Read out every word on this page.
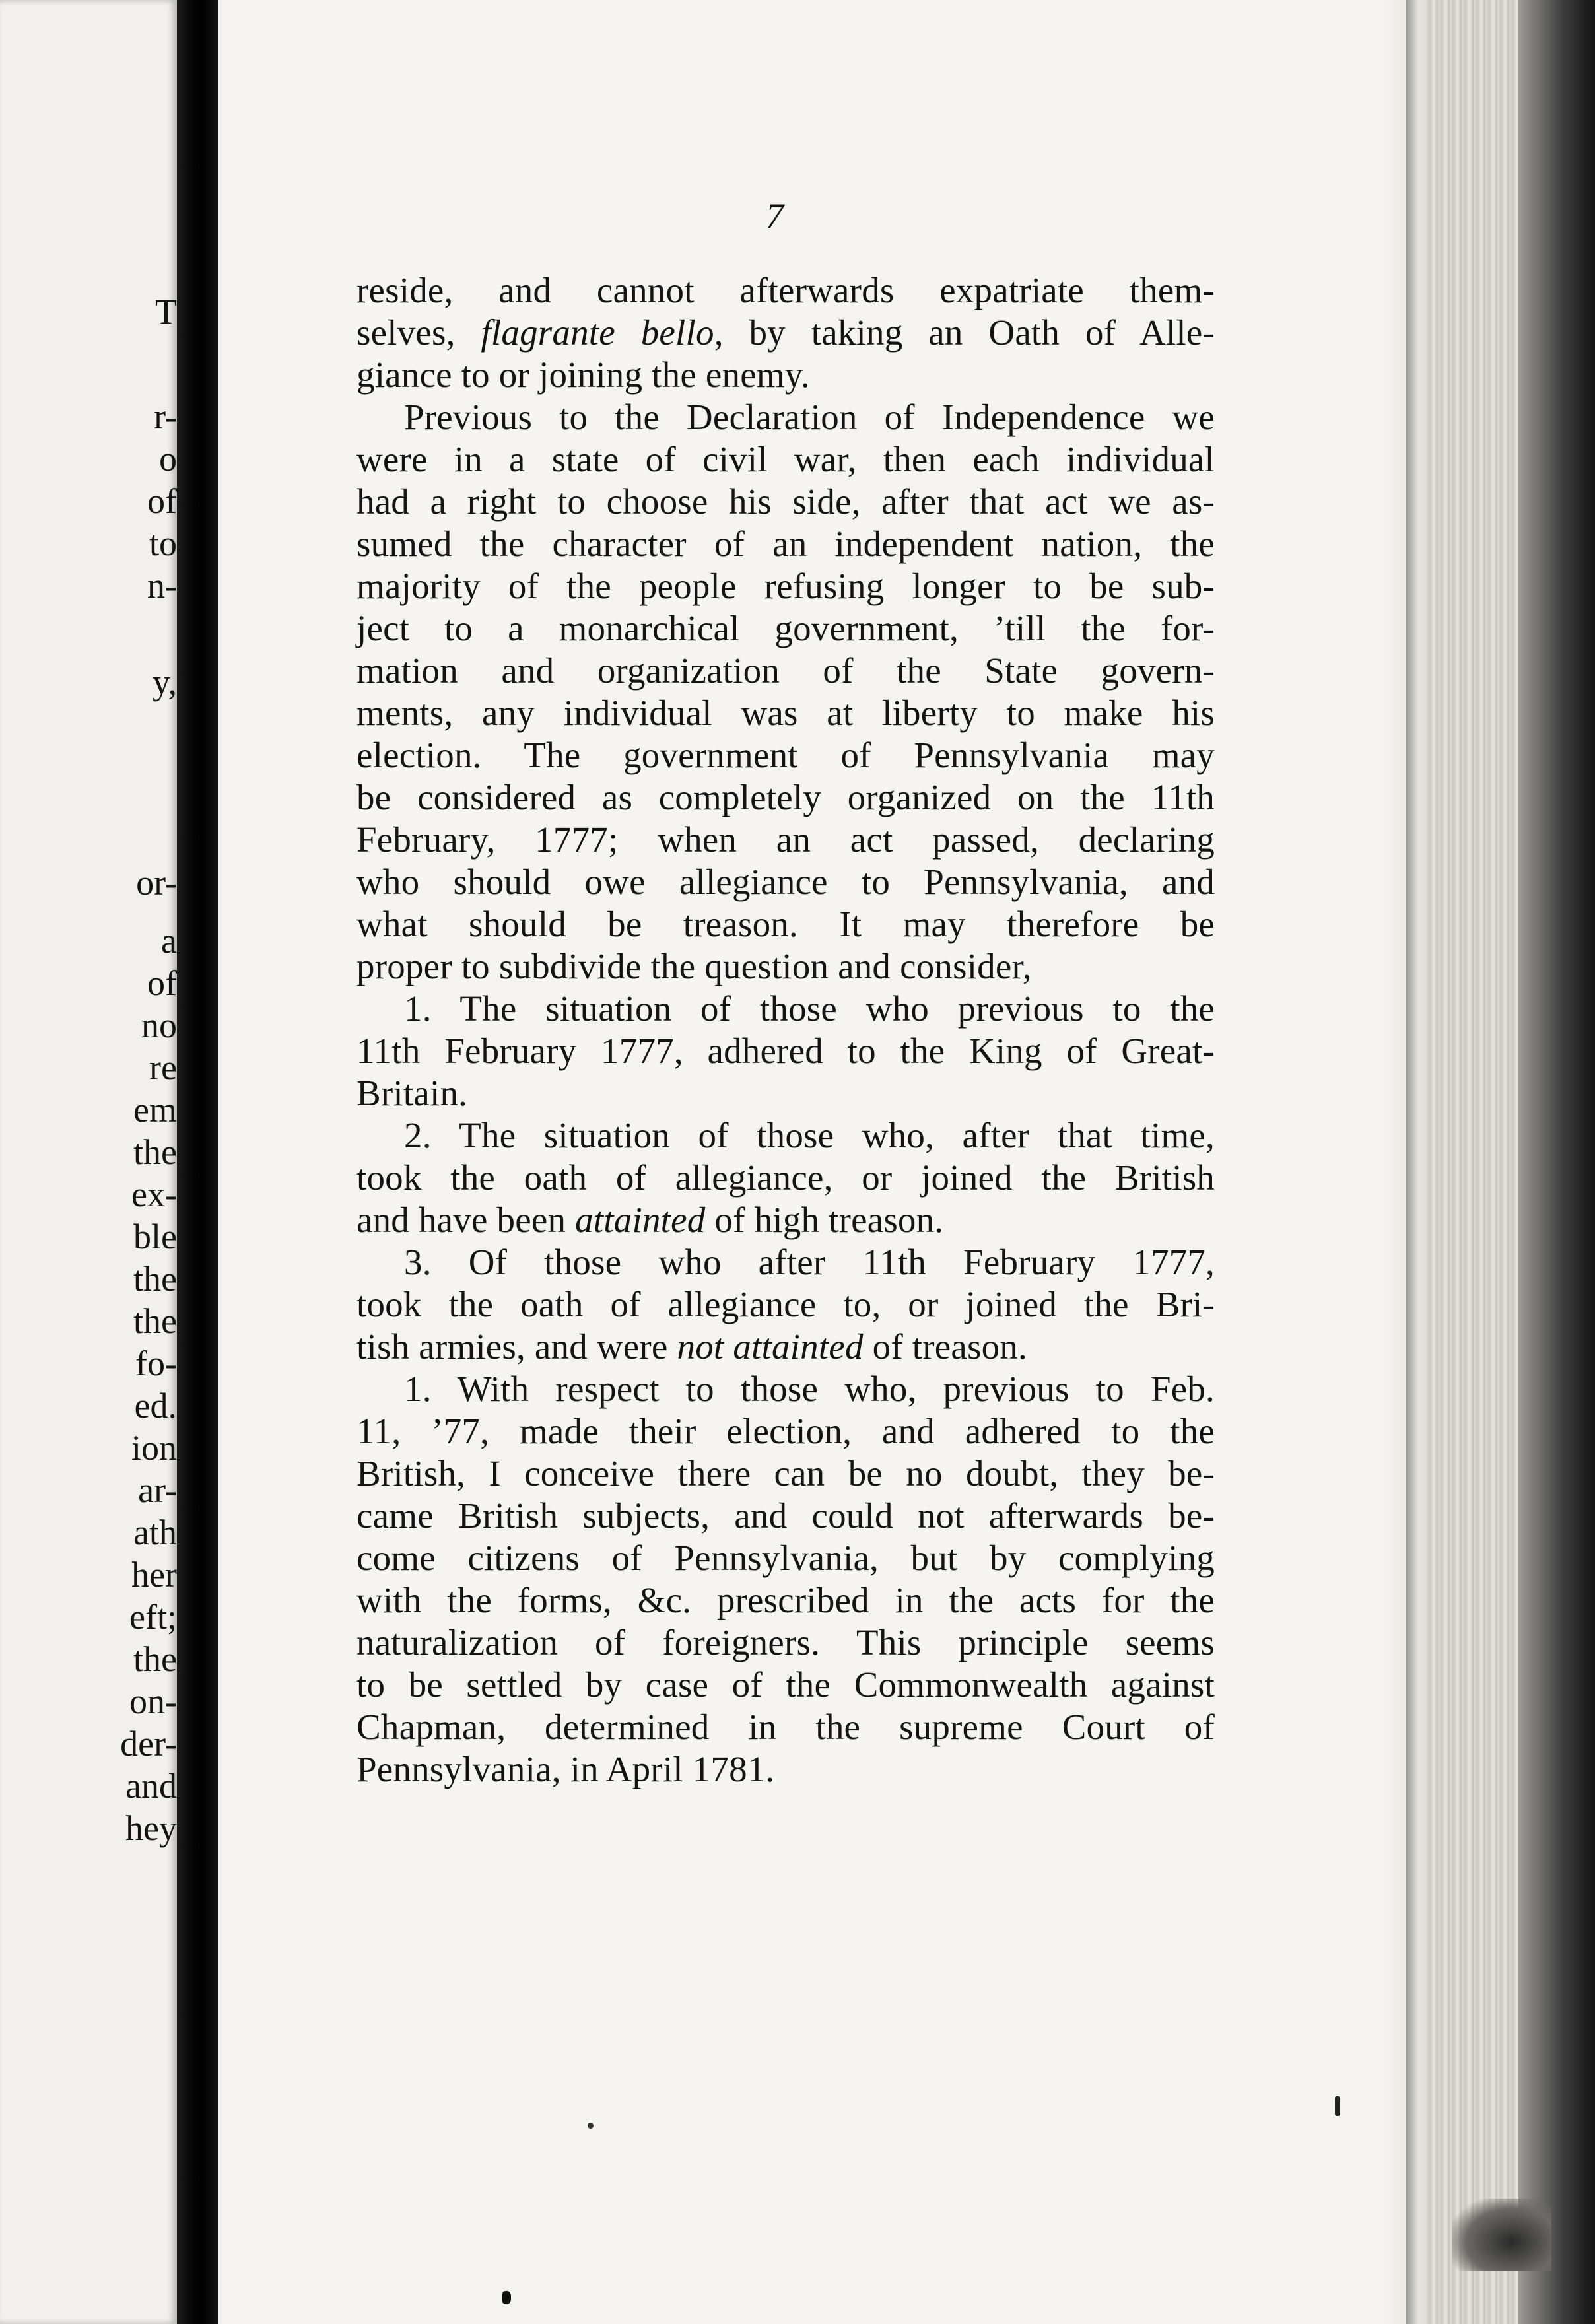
T
r-
o
of
to
n-
y,
or-
a
of
no
re
em
the
ex-
ble
the
the
fo-
ed.
ion
ar-
ath
her
eft;
the
on-
der-
and
hey
7
reside, and cannot afterwards expatriate them-
selves, flagrante bello, by taking an Oath of Alle-
giance to or joining the enemy.
Previous to the Declaration of Independence we
were in a state of civil war, then each individual
had a right to choose his side, after that act we as-
sumed the character of an independent nation, the
majority of the people refusing longer to be sub-
ject to a monarchical government, ’till the for-
mation and organization of the State govern-
ments, any individual was at liberty to make his
election. The government of Pennsylvania may
be considered as completely organized on the 11th
February, 1777; when an act passed, declaring
who should owe allegiance to Pennsylvania, and
what should be treason. It may therefore be
proper to subdivide the question and consider,
1. The situation of those who previous to the
11th February 1777, adhered to the King of Great-
Britain.
2. The situation of those who, after that time,
took the oath of allegiance, or joined the British
and have been attainted of high treason.
3. Of those who after 11th February 1777,
took the oath of allegiance to, or joined the Bri-
tish armies, and were not attainted of treason.
1. With respect to those who, previous to Feb.
11, ’77, made their election, and adhered to the
British, I conceive there can be no doubt, they be-
came British subjects, and could not afterwards be-
come citizens of Pennsylvania, but by complying
with the forms, &c. prescribed in the acts for the
naturalization of foreigners. This principle seems
to be settled by case of the Commonwealth against
Chapman, determined in the supreme Court of
Pennsylvania, in April 1781.
